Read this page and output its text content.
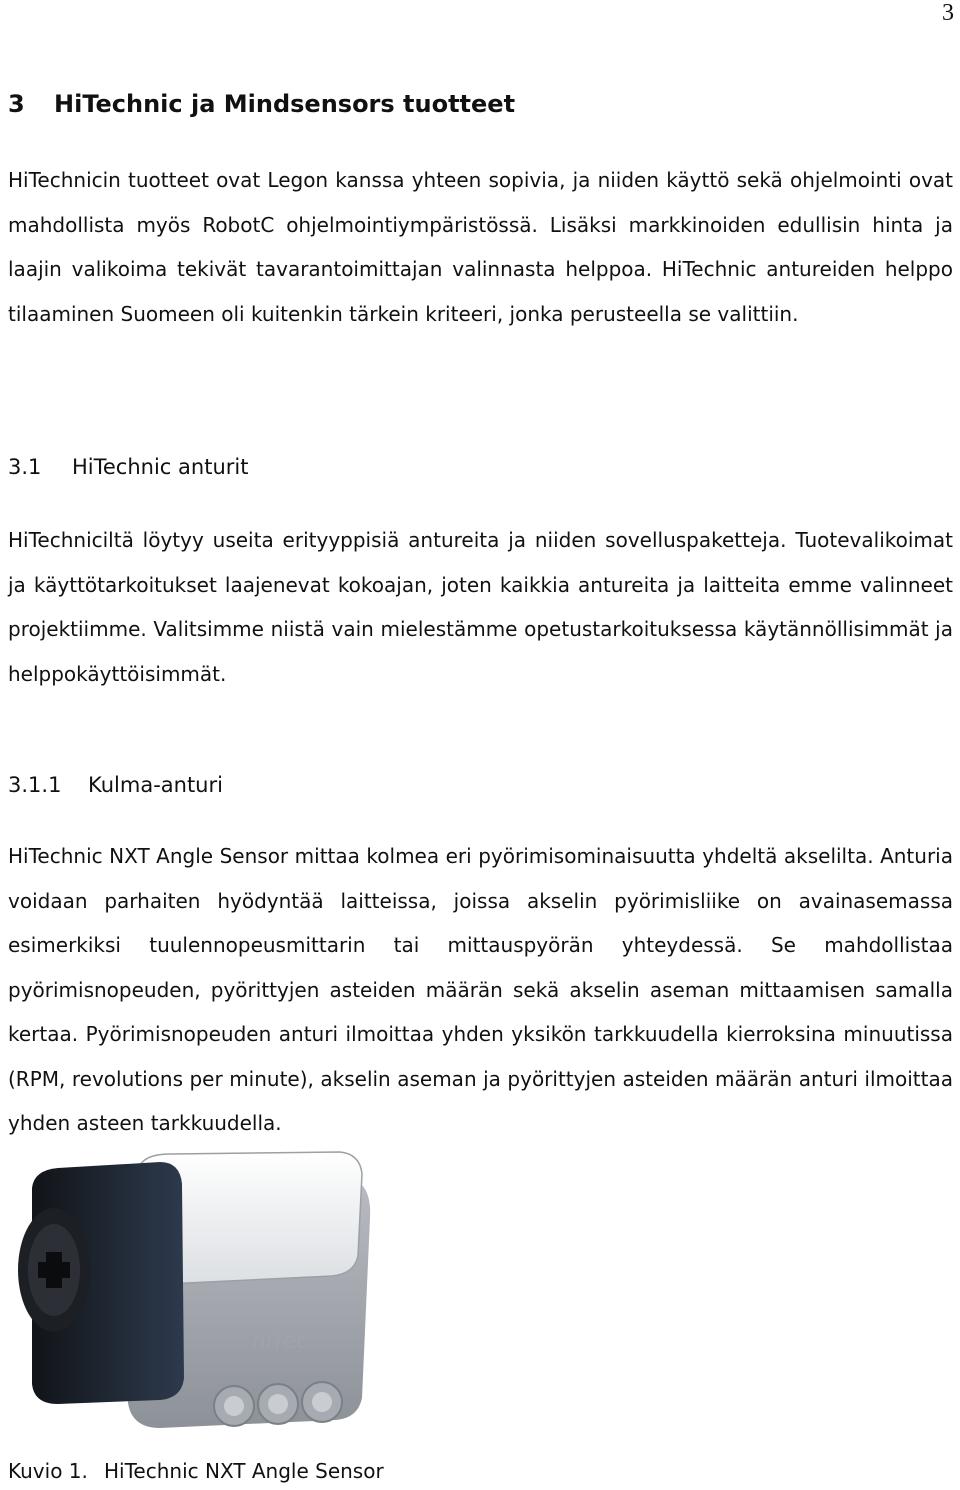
3
3 HiTechnic ja Mindsensors tuotteet

HiTechnicin tuotteet ovat Legon kanssa yhteen sopivia, ja niiden käyttö sekä ohjelmointi ovat mahdollista myös RobotC ohjelmointiympäristössä. Lisäksi markkinoiden edullisin hinta ja laajin valikoima tekivät tavarantoimittajan valinnasta helppoa. HiTechnic antureiden helppo tilaaminen Suomeen oli kuitenkin tärkein kriteeri, jonka perusteella se valittiin.

3.1 HiTechnic anturit

HiTechniciltä löytyy useita erityyppisiä antureita ja niiden sovelluspaketteja. Tuotevalikoimat ja käyttötarkoitukset laajenevat kokoajan, joten kaikkia antureita ja laitteita emme valinneet projektiimme. Valitsimme niistä vain mielestämme opetustarkoituksessa käytännöllisimmät ja helppokäyttöisimmät.

3.1.1 Kulma-anturi

HiTechnic NXT Angle Sensor mittaa kolmea eri pyörimisominaisuutta yhdeltä akselilta. Anturia voidaan parhaiten hyödyntää laitteissa, joissa akselin pyörimisliike on avainasemassa esimerkiksi tuulennopeusmittarin tai mittauspyörän yhteydessä. Se mahdollistaa pyörimisnopeuden, pyörittyjen asteiden määrän sekä akselin aseman mittaamisen samalla kertaa. Pyörimisnopeuden anturi ilmoittaa yhden yksikön tarkkuudella kierroksina minuutissa (RPM, revolutions per minute), akselin aseman ja pyörittyjen asteiden määrän anturi ilmoittaa yhden asteen tarkkuudella.

hiTec
Kuvio 1. HiTechnic NXT Angle Sensor
